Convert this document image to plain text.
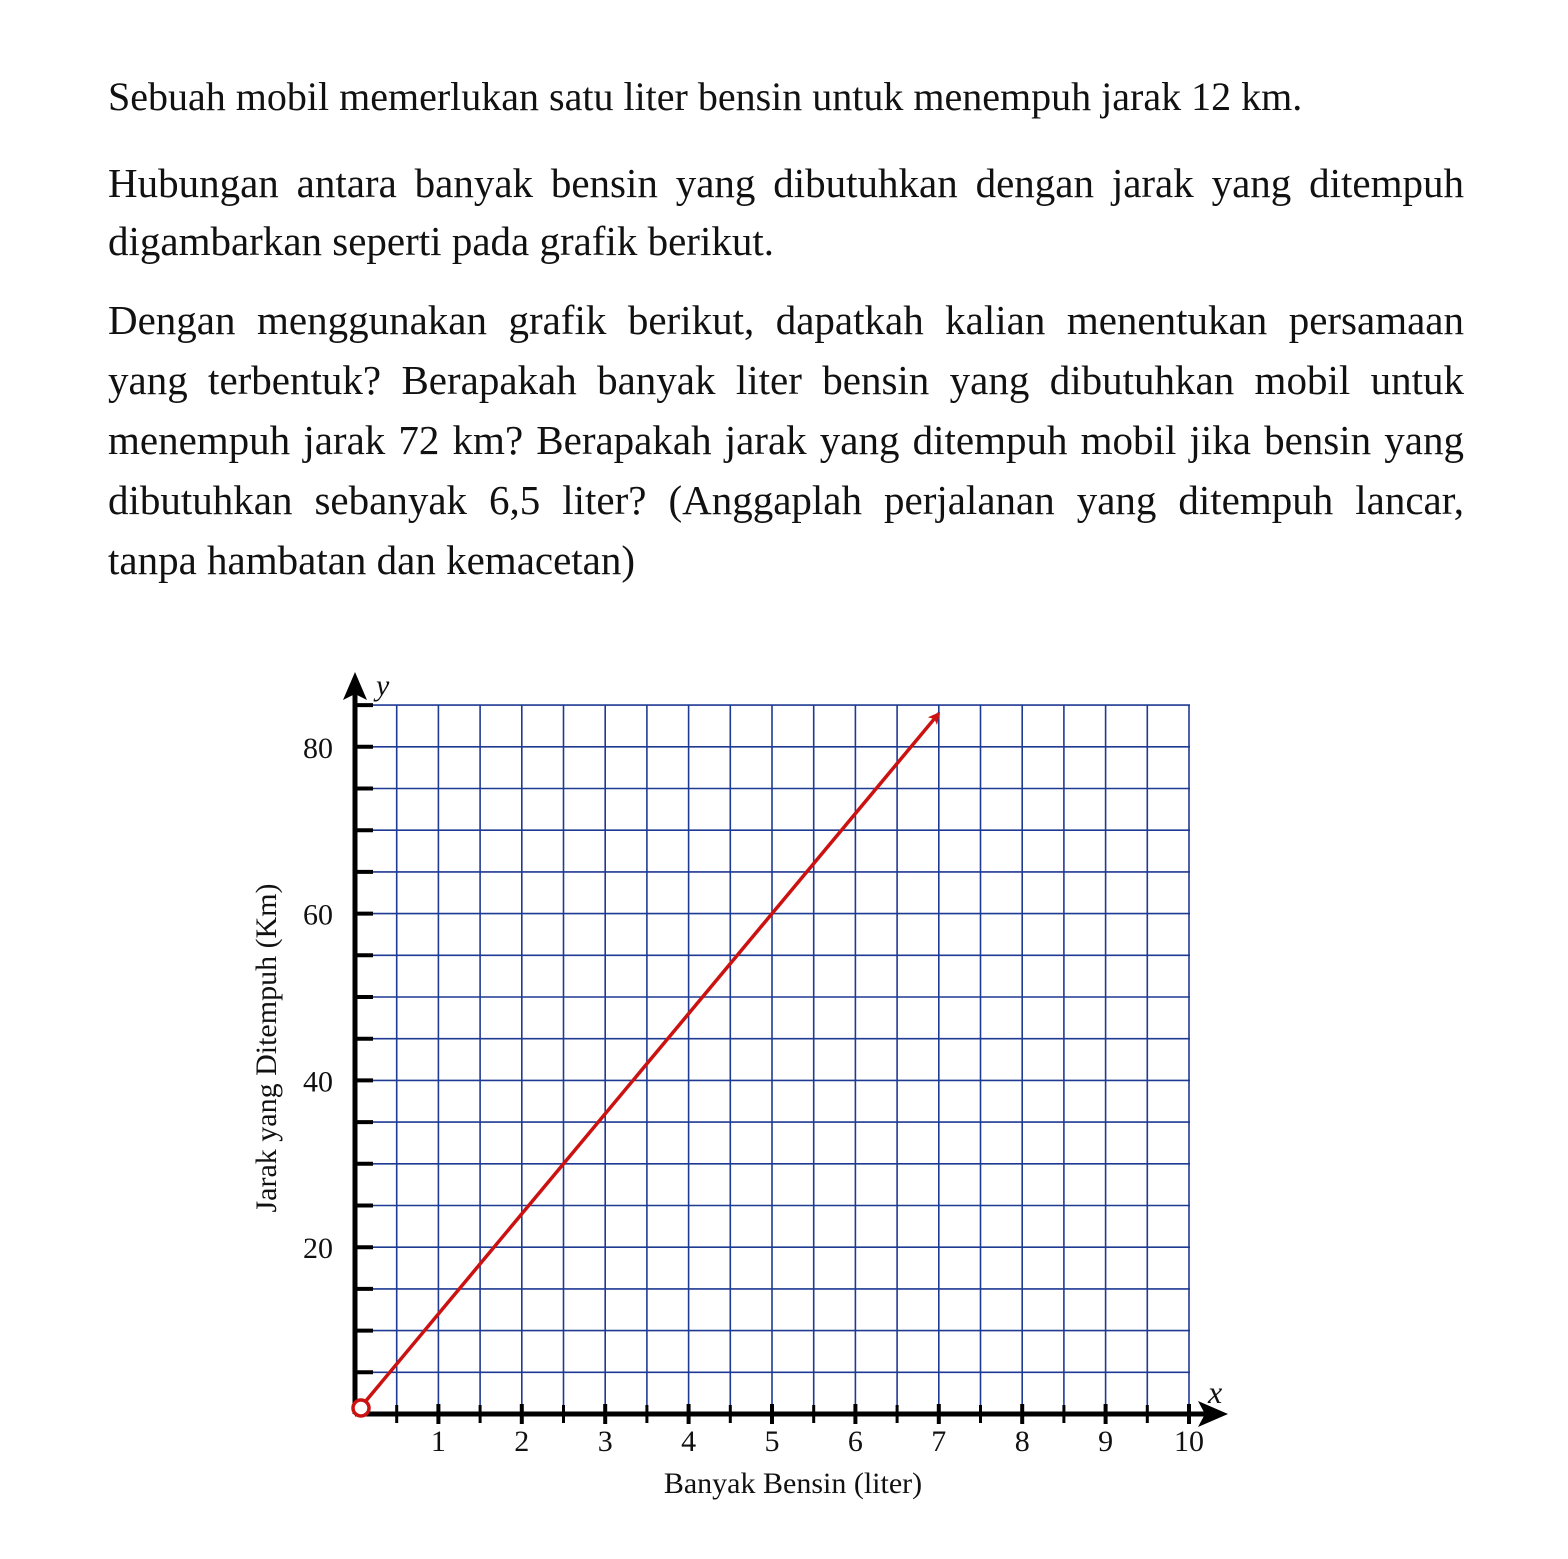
Sebuah mobil memerlukan satu liter bensin untuk menempuh jarak 12 km.

Hubungan antara banyak bensin yang dibutuhkan dengan jarak yang ditempuh digambarkan seperti pada grafik berikut.

Dengan menggunakan grafik berikut, dapatkah kalian menentukan persamaan yang terbentuk? Berapakah banyak liter bensin yang dibutuhkan mobil untuk menempuh jarak 72 km? Berapakah jarak yang ditempuh mobil jika bensin yang dibutuhkan sebanyak 6,5 liter? (Anggaplah perjalanan yang ditempuh lancar, tanpa hambatan dan kemacetan)

1 2 3 4 5 6 7 8 9 10
20
40
60
80
y
x
Banyak Bensin (liter)
Jarak yang Ditempuh (Km)
